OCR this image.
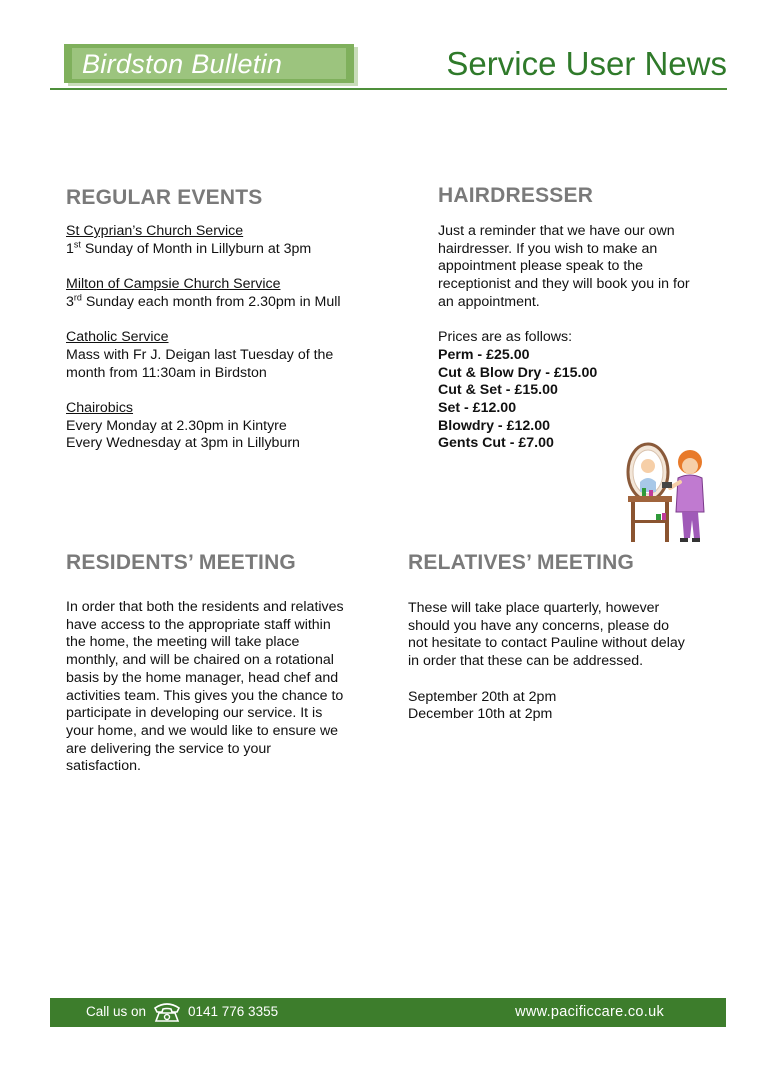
Birdston Bulletin	Service User News
REGULAR EVENTS
St Cyprian’s Church Service
1st Sunday of Month in Lillyburn at 3pm
Milton of Campsie Church Service
3rd Sunday each month from 2.30pm in Mull
Catholic Service
Mass with Fr J. Deigan last Tuesday of the
month from 11:30am in Birdston
Chairobics
Every Monday at 2.30pm in Kintyre
Every Wednesday at 3pm in Lillyburn
HAIRDRESSER
Just a reminder that we have our own
hairdresser. If you wish to make an
appointment please speak to the
receptionist and they will book you in for
an appointment.
Prices are as follows:
Perm - £25.00
Cut & Blow Dry - £15.00
Cut & Set - £15.00
Set - £12.00
Blowdry - £12.00
Gents Cut - £7.00
RESIDENTS’ MEETING
In order that both the residents and relatives
have access to the appropriate staff within
the home, the meeting will take place
monthly, and will be chaired on a rotational
basis by the home manager, head chef and
activities team. This gives you the chance to
participate in developing our service. It is
your home, and we would like to ensure we
are delivering the service to your
satisfaction.
RELATIVES’ MEETING
These will take place quarterly, however
should you have any concerns, please do
not hesitate to contact Pauline without delay
in order that these can be addressed.
September 20th at 2pm
December 10th at 2pm
Call us on	0141 776 3355	www.pacificcare.co.uk
